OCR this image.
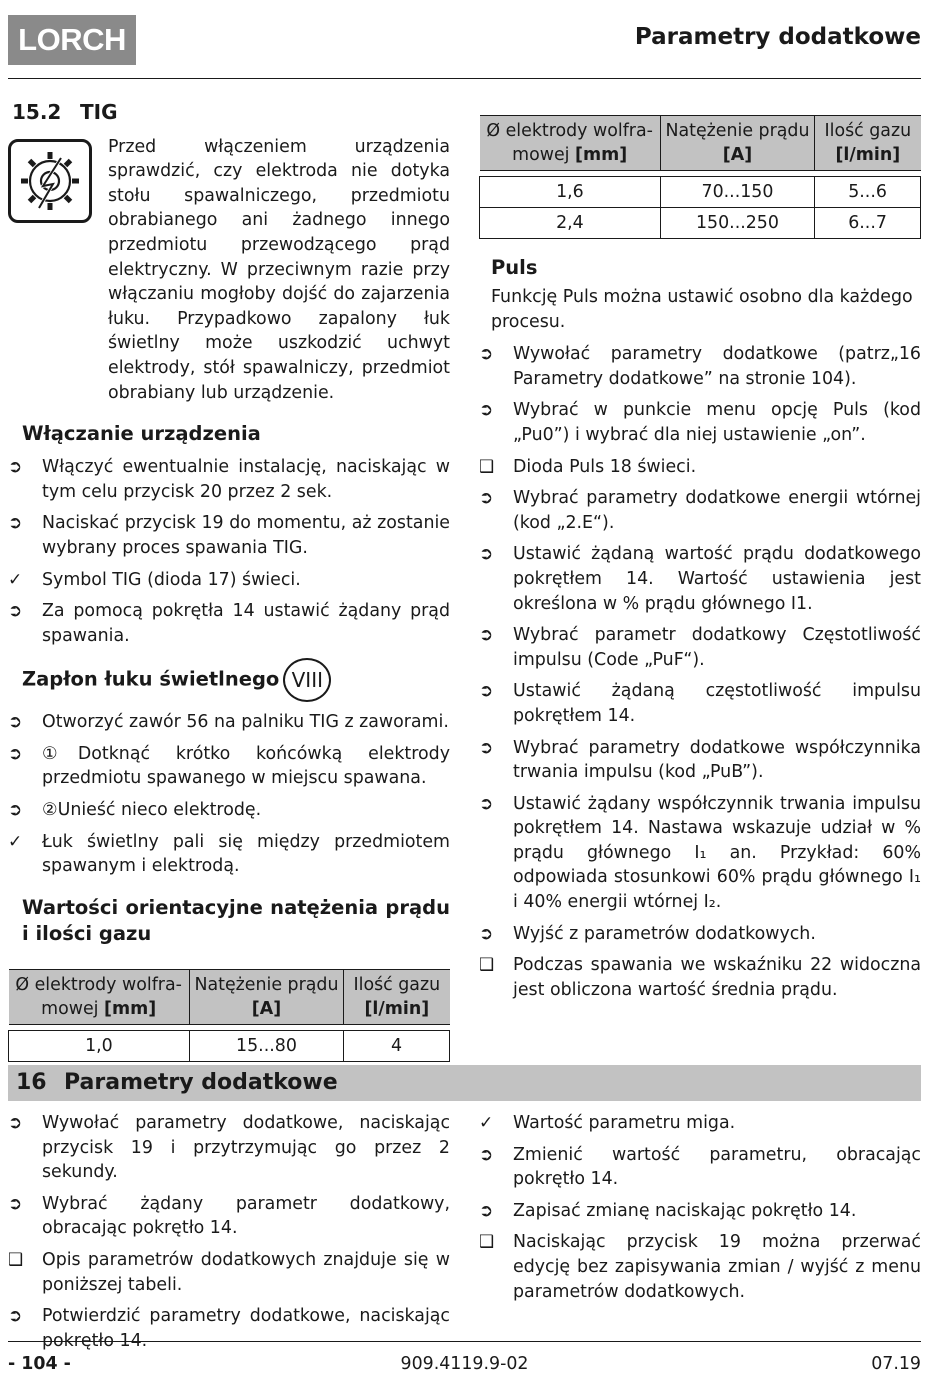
LORCH	Parametry dodatkowe
15.2 TIG
Przed włączeniem urządzenia sprawdzić, czy elektroda nie dotyka stołu spawalniczego, przedmiotu obrabianego ani żadnego innego przedmiotu przewodzącego prąd elektryczny. W przeciwnym razie przy włączaniu mogłoby dojść do zajarzenia łuku. Przypadkowo zapalony łuk świetlny może uszkodzić uchwyt elektrody, stół spawalniczy, przedmiot obrabiany lub urządzenie.
Włączanie urządzenia
➲	Włączyć ewentualnie instalację, naciskając w tym celu przycisk 20 przez 2 sek.
➲	Naciskać przycisk 19 do momentu, aż zostanie wybrany proces spawania TIG.
✓	Symbol TIG (dioda 17) świeci.
➲	Za pomocą pokrętła 14 ustawić żądany prąd spawania.
Zapłon łuku świetlnego VIII
➲	Otworzyć zawór 56 na palniku TIG z zaworami.
➲	①Dotknąć krótko końcówką elektrody przedmiotu spawanego w miejscu spawana.
➲	②Unieść nieco elektrodę.
✓	Łuk świetlny pali się między przedmiotem spawanym i elektrodą.
Wartości orientacyjne natężenia prądu i ilości gazu
Ø elektrody wolfra-
mowej [mm]	Natężenie prądu
[A]	Ilość gazu
[l/min]

1,0	15...80	4
Ø elektrody wolfra-
mowej [mm]	Natężenie prądu
[A]	Ilość gazu
[l/min]

1,6	70...150	5...6
2,4	150...250	6...7
Puls
Funkcję Puls można ustawić osobno dla każdego procesu.
➲	Wywołać parametry dodatkowe (patrz„16 Parametry dodatkowe” na stronie 104).
➲	Wybrać w punkcie menu opcję Puls (kod „Pu0”) i wybrać dla niej ustawienie „on”.
❑	Dioda Puls 18 świeci.
➲	Wybrać parametry dodatkowe energii wtórnej (kod „2.E“).
➲	Ustawić żądaną wartość prądu dodatkowego pokrętłem 14. Wartość ustawienia jest określona w % prądu głównego I1.
➲	Wybrać parametr dodatkowy Częstotliwość impulsu (Code „PuF“).
➲	Ustawić żądaną częstotliwość impulsu pokrętłem 14.
➲	Wybrać parametry dodatkowe współczynnika trwania impulsu (kod „PuB”).
➲	Ustawić żądany współczynnik trwania impulsu pokrętłem 14. Nastawa wskazuje udział w % prądu głównego I₁ an. Przykład: 60% odpowiada stosunkowi 60% prądu głównego I₁ i 40% energii wtórnej I₂.
➲	Wyjść z parametrów dodatkowych.
❑	Podczas spawania we wskaźniku 22 widoczna jest obliczona wartość średnia prądu.
16 Parametry dodatkowe
➲	Wywołać parametry dodatkowe, naciskając przycisk 19 i przytrzymując go przez 2 sekundy.
➲	Wybrać żądany parametr dodatkowy, obracając pokrętło 14.
❑	Opis parametrów dodatkowych znajduje się w poniższej tabeli.
➲	Potwierdzić parametry dodatkowe, naciskając pokrętło 14.
✓	Wartość parametru miga.
➲	Zmienić wartość parametru, obracając pokrętło 14.
➲	Zapisać zmianę naciskając pokrętło 14.
❑	Naciskając przycisk 19 można przerwać edycję bez zapisywania zmian / wyjść z menu parametrów dodatkowych.
- 104 -	909.4119.9-02	07.19
